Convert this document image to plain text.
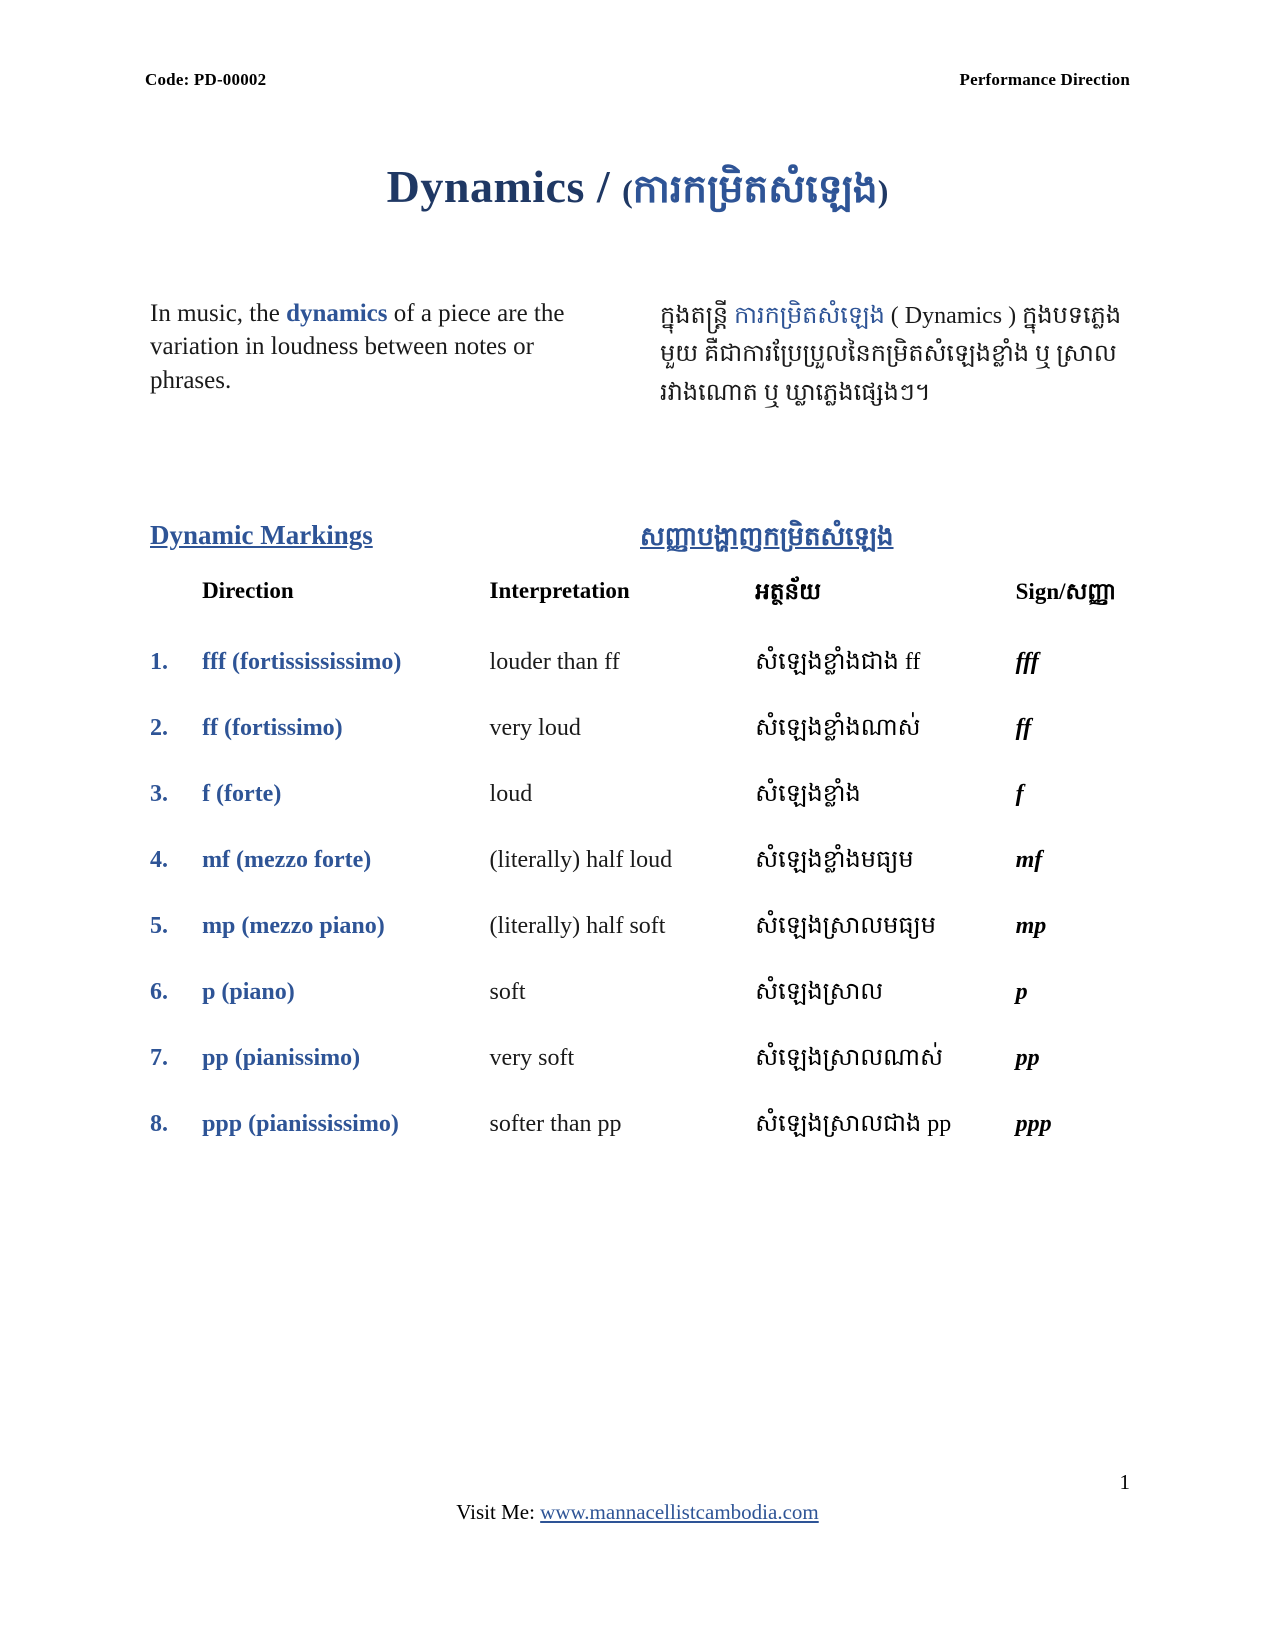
Code: PD-00002	Performance Direction
Dynamics / (ការកម្រិតសំឡេង)
In music, the dynamics of a piece are the variation in loudness between notes or phrases.
ក្នុងតន្រ្តី ការកម្រិតសំឡេង ( Dynamics ) ក្នុងបទភ្លេងមួយ គឺជាការប្រែប្រួលនៃកម្រិតសំឡេងខ្លាំង ឬ ស្រាល រវាងណោត ឬ ឃ្លាភ្លេងផ្សេងៗ។
Dynamic Markings	សញ្ញាបង្ហាញកម្រិតសំឡេង
	Direction	Interpretation	អត្ថន័យ	Sign/សញ្ញា
1.	fff (fortissississimo)	louder than ff	សំឡេងខ្លាំងជាង ff	fff
2.	ff (fortissimo)	very loud	សំឡេងខ្លាំងណាស់	ff
3.	f (forte)	loud	សំឡេងខ្លាំង	f
4.	mf (mezzo forte)	(literally) half loud	សំឡេងខ្លាំងមធ្យម	mf
5.	mp (mezzo piano)	(literally) half soft	សំឡេងស្រាលមធ្យម	mp
6.	p (piano)	soft	សំឡេងស្រាល	p
7.	pp (pianissimo)	very soft	សំឡេងស្រាលណាស់	pp
8.	ppp (pianississimo)	softer than pp	សំឡេងស្រាលជាង pp	ppp
1
Visit Me: www.mannacellistcambodia.com
